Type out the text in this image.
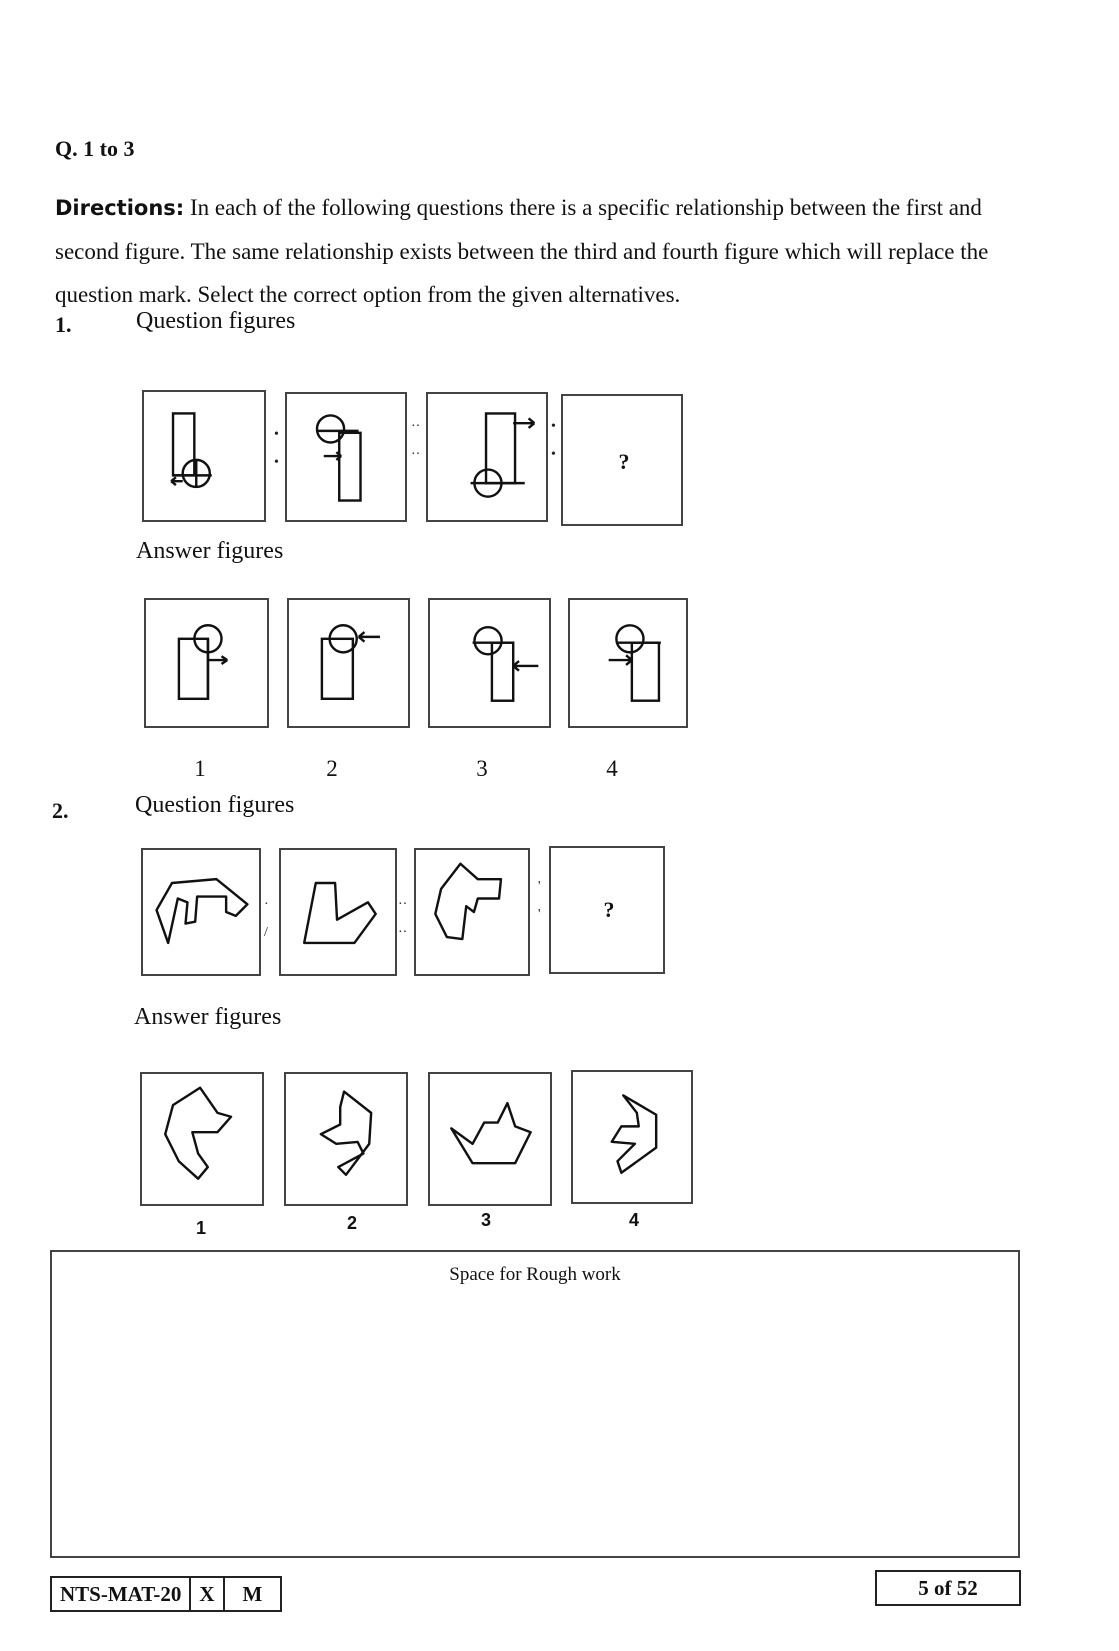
Q. 1 to 3
Directions: In each of the following questions there is a specific relationship between the first and second figure. The same relationship exists between the third and fourth figure which will replace the question mark. Select the correct option from the given alternatives.
1.	Question figures
•

•
··

··
•

•	?
Answer figures
1	2	3	4
2.	Question figures
·

/
··

··
'

'	?
Answer figures
1	2	3	4
Space for Rough work
NTS-MAT-20 X	M	5 of 52
